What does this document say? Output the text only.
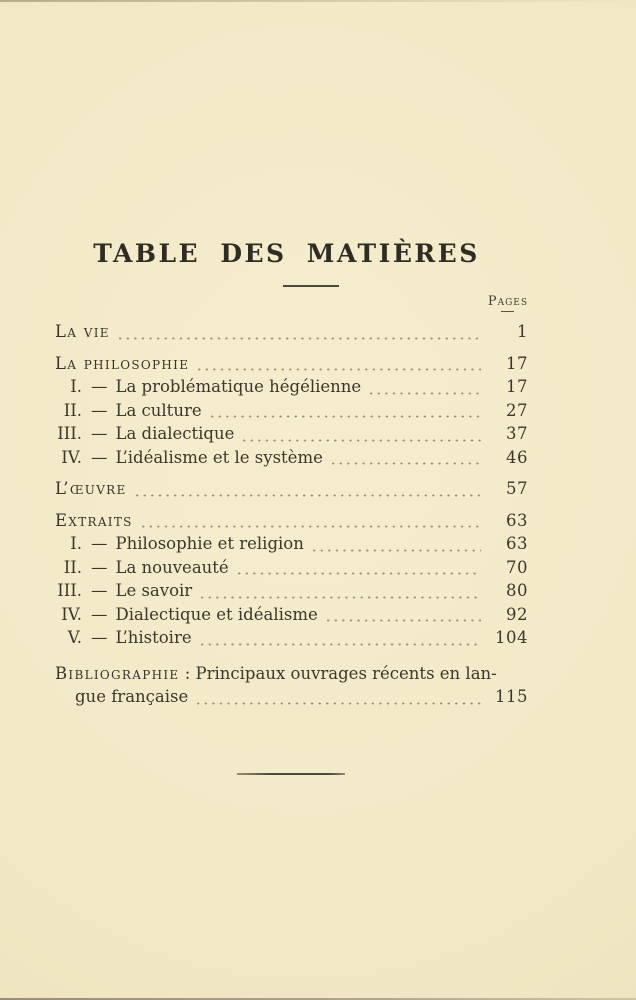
TABLE DES MATIÈRES
Pages
La vie	1
La philosophie	17
I. — La problématique hégélienne	17
II. — La culture	27
III. — La dialectique	37
IV. — L’idéalisme et le système	46
L’œuvre	57
Extraits	63
I. — Philosophie et religion	63
II. — La nouveauté	70
III. — Le savoir	80
IV. — Dialectique et idéalisme	92
V. — L’histoire	104
Bibliographie : Principaux ouvrages récents en lan-
gue française	115
